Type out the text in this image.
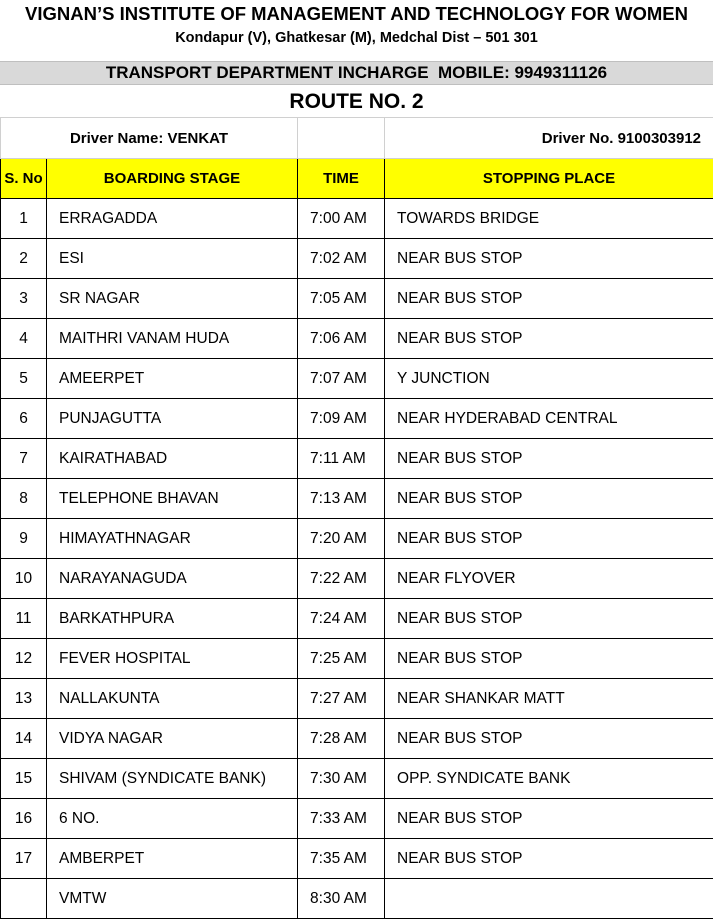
VIGNAN’S INSTITUTE OF MANAGEMENT AND TECHNOLOGY FOR WOMEN
Kondapur (V), Ghatkesar (M), Medchal Dist – 501 301
TRANSPORT DEPARTMENT INCHARGE  MOBILE: 9949311126
ROUTE NO. 2
Driver Name: VENKAT			Driver No. 9100303912
S. No	BOARDING STAGE	TIME	STOPPING PLACE
1	ERRAGADDA	7:00 AM	TOWARDS BRIDGE
2	ESI	7:02 AM	NEAR BUS STOP
3	SR NAGAR	7:05 AM	NEAR BUS STOP
4	MAITHRI VANAM HUDA	7:06 AM	NEAR BUS STOP
5	AMEERPET	7:07 AM	Y JUNCTION
6	PUNJAGUTTA	7:09 AM	NEAR HYDERABAD CENTRAL
7	KAIRATHABAD	7:11 AM	NEAR BUS STOP
8	TELEPHONE BHAVAN	7:13 AM	NEAR BUS STOP
9	HIMAYATHNAGAR	7:20 AM	NEAR BUS STOP
10	NARAYANAGUDA	7:22 AM	NEAR FLYOVER
11	BARKATHPURA	7:24 AM	NEAR BUS STOP
12	FEVER HOSPITAL	7:25 AM	NEAR BUS STOP
13	NALLAKUNTA	7:27 AM	NEAR SHANKAR MATT
14	VIDYA NAGAR	7:28 AM	NEAR BUS STOP
15	SHIVAM (SYNDICATE BANK)	7:30 AM	OPP. SYNDICATE BANK
16	6 NO.	7:33 AM	NEAR BUS STOP
17	AMBERPET	7:35 AM	NEAR BUS STOP
	VMTW	8:30 AM	
